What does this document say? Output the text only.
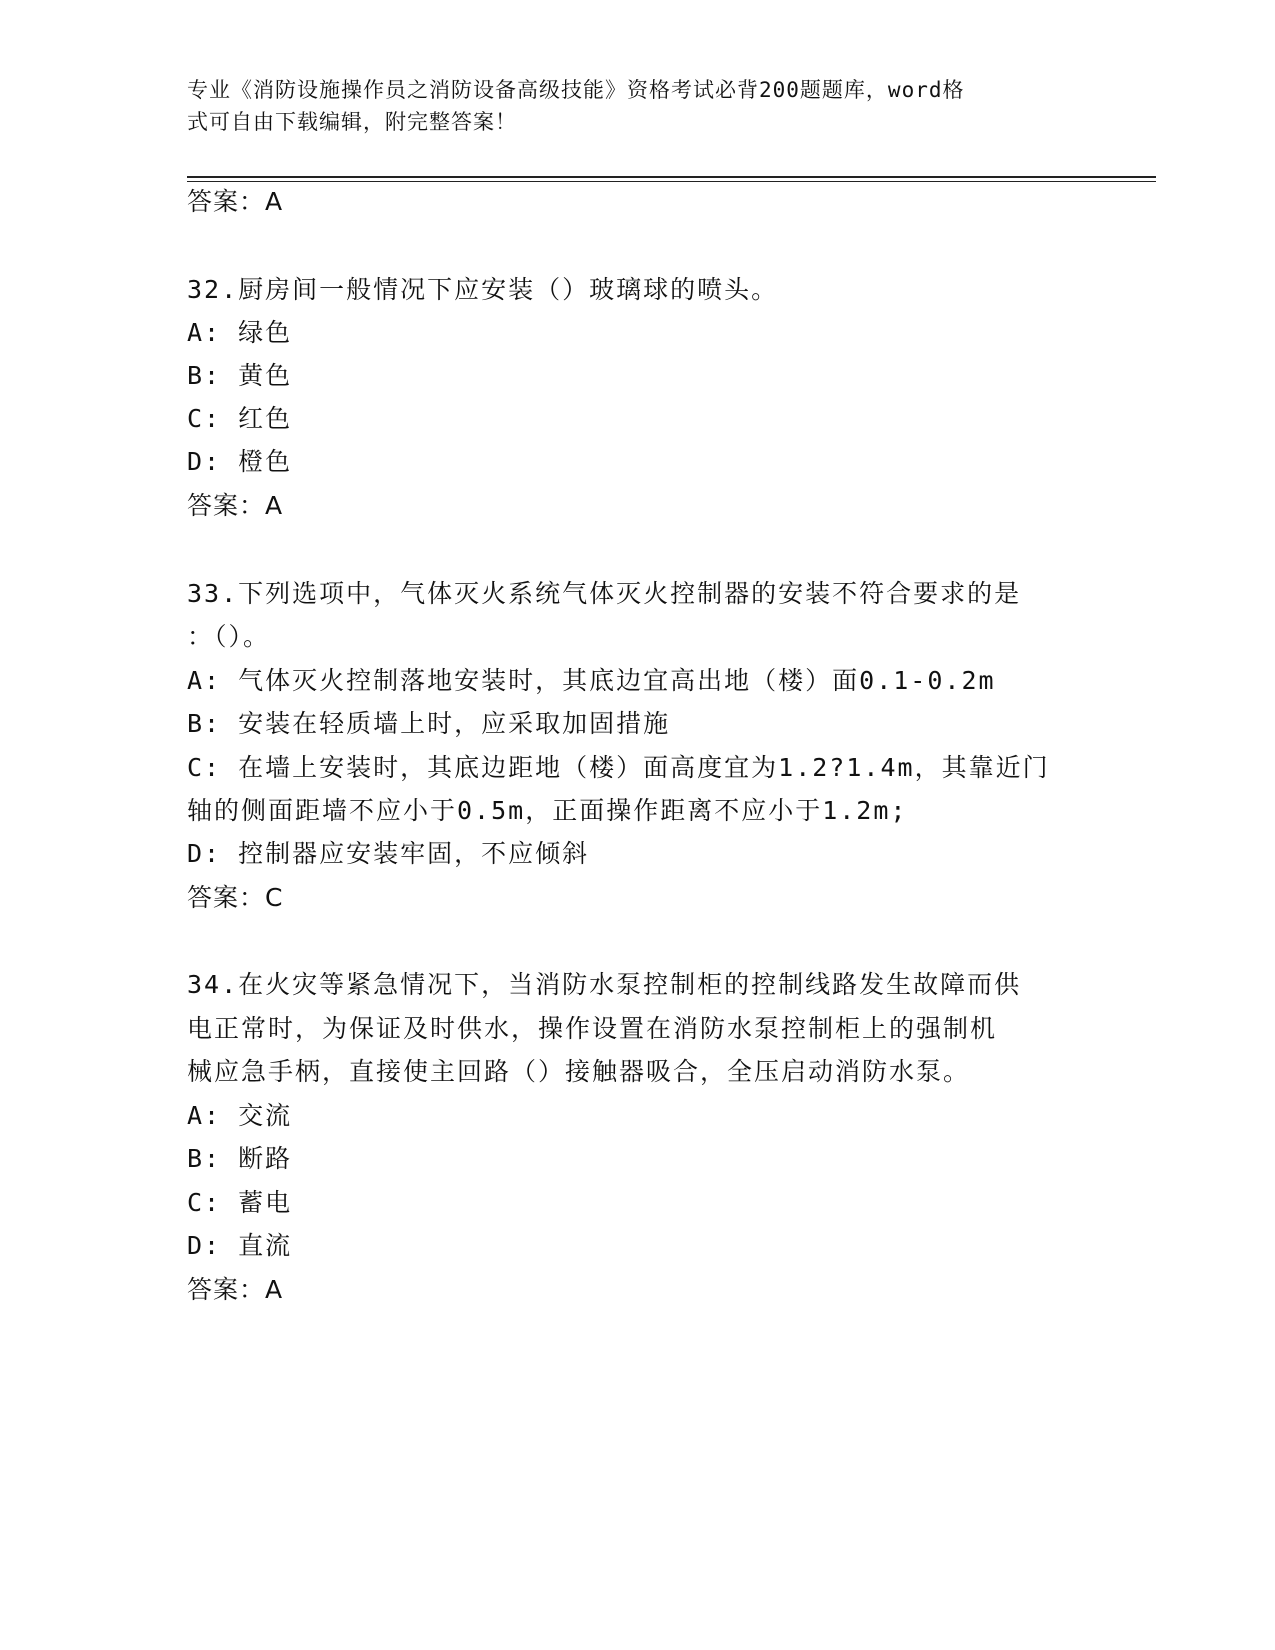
专业《消防设施操作员之消防设备高级技能》资格考试必背200题题库，word格
式可自由下载编辑，附完整答案！
答案：A
32.厨房间一般情况下应安装（）玻璃球的喷头。
A: 绿色
B: 黄色
C: 红色
D: 橙色
答案：A
33.下列选项中，气体灭火系统气体灭火控制器的安装不符合要求的是
：（）。
A: 气体灭火控制落地安装时，其底边宜高出地（楼）面0.1-0.2m
B: 安装在轻质墙上时，应采取加固措施
C: 在墙上安装时，其底边距地（楼）面高度宜为1.2?1.4m，其靠近门
轴的侧面距墙不应小于0.5m，正面操作距离不应小于1.2m;
D: 控制器应安装牢固，不应倾斜
答案：C
34.在火灾等紧急情况下，当消防水泵控制柜的控制线路发生故障而供
电正常时，为保证及时供水，操作设置在消防水泵控制柜上的强制机
械应急手柄，直接使主回路（）接触器吸合，全压启动消防水泵。
A: 交流
B: 断路
C: 蓄电
D: 直流
答案：A
